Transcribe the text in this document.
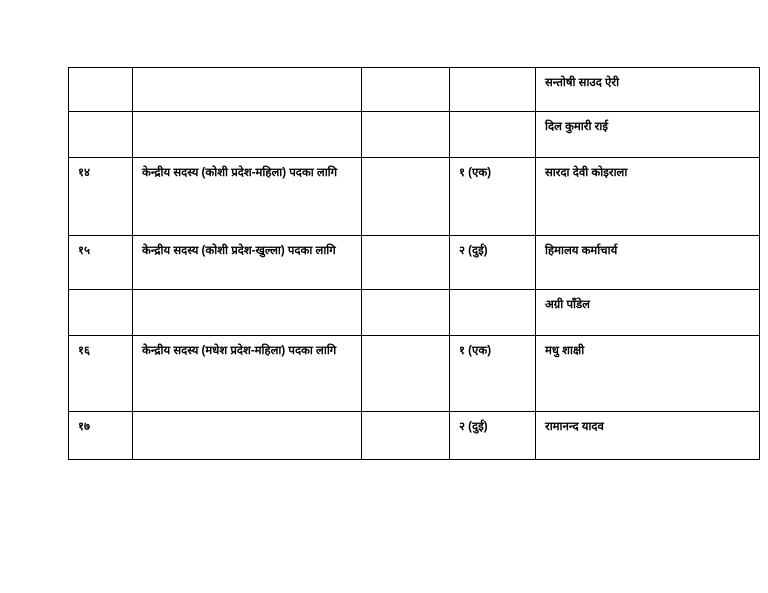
				सन्तोषी साउद ऐरी
				दिल कुमारी राई
१४	केन्द्रीय सदस्य (कोशी प्रदेश-महिला) पदका लागि		१ (एक)	सारदा देवी कोइराला
१५	केन्द्रीय सदस्य (कोशी प्रदेश-खुल्ला) पदका लागि		२ (दुई)	हिमालय कर्माचार्य
				अग्री पाँडेल
१६	केन्द्रीय सदस्य (मधेश प्रदेश-महिला) पदका लागि		१ (एक)	मधु शाक्षी
१७			२ (दुई)	रामानन्द यादव
